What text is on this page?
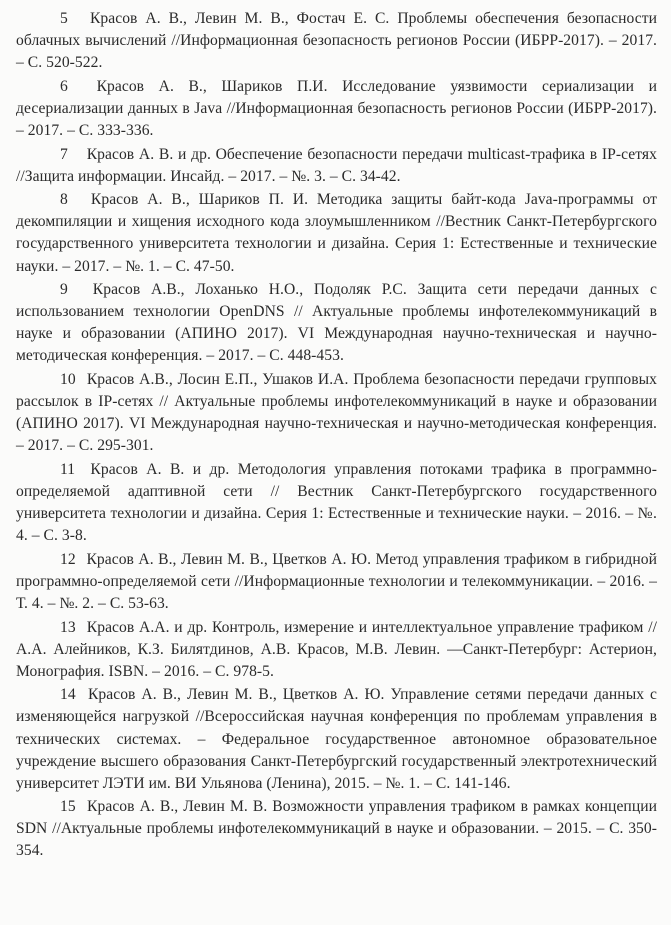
5 Красов А. В., Левин М. В., Фостач Е. С. Проблемы обеспечения безопасности облачных вычислений //Информационная безопасность регионов России (ИБРР-2017). – 2017. – С. 520-522.

6 Красов А. В., Шариков П.И. Исследование уязвимости сериализации и десериализации данных в Java //Информационная безопасность регионов России (ИБРР-2017). – 2017. – С. 333-336.

7 Красов А. В. и др. Обеспечение безопасности передачи multicast-трафика в IP-сетях //Защита информации. Инсайд. – 2017. – №. 3. – С. 34-42.

8 Красов А. В., Шариков П. И. Методика защиты байт-кода Java-программы от декомпиляции и хищения исходного кода злоумышленником //Вестник Санкт-Петербургского государственного университета технологии и дизайна. Серия 1: Естественные и технические науки. – 2017. – №. 1. – С. 47-50.

9 Красов А.В., Лоханько Н.О., Подоляк Р.С. Защита сети передачи данных с использованием технологии OpenDNS // Актуальные проблемы инфотелекоммуникаций в науке и образовании (АПИНО 2017). VI Международная научно-техническая и научно-методическая конференция. – 2017. – С. 448-453.

10 Красов А.В., Лосин Е.П., Ушаков И.А. Проблема безопасности передачи групповых рассылок в IP-сетях // Актуальные проблемы инфотелекоммуникаций в науке и образовании (АПИНО 2017). VI Международная научно-техническая и научно-методическая конференция. – 2017. – С. 295-301.

11 Красов А. В. и др. Методология управления потоками трафика в программно-определяемой адаптивной сети // Вестник Санкт-Петербургского государственного университета технологии и дизайна. Серия 1: Естественные и технические науки. – 2016. – №. 4. – С. 3-8.

12 Красов А. В., Левин М. В., Цветков А. Ю. Метод управления трафиком в гибридной программно-определяемой сети //Информационные технологии и телекоммуникации. – 2016. – Т. 4. – №. 2. – С. 53-63.

13 Красов А.А. и др. Контроль, измерение и интеллектуальное управление трафиком //А.А. Алейников, К.З. Билятдинов, А.В. Красов, М.В. Левин. —Санкт-Петербург: Астерион, Монография. ISBN. – 2016. – С. 978-5.

14 Красов А. В., Левин М. В., Цветков А. Ю. Управление сетями передачи данных с изменяющейся нагрузкой //Всероссийская научная конференция по проблемам управления в технических системах. – Федеральное государственное автономное образовательное учреждение высшего образования Санкт-Петербургский государственный электротехнический университет ЛЭТИ им. ВИ Ульянова (Ленина), 2015. – №. 1. – С. 141-146.

15 Красов А. В., Левин М. В. Возможности управления трафиком в рамках концепции SDN //Актуальные проблемы инфотелекоммуникаций в науке и образовании. – 2015. – С. 350-354.
